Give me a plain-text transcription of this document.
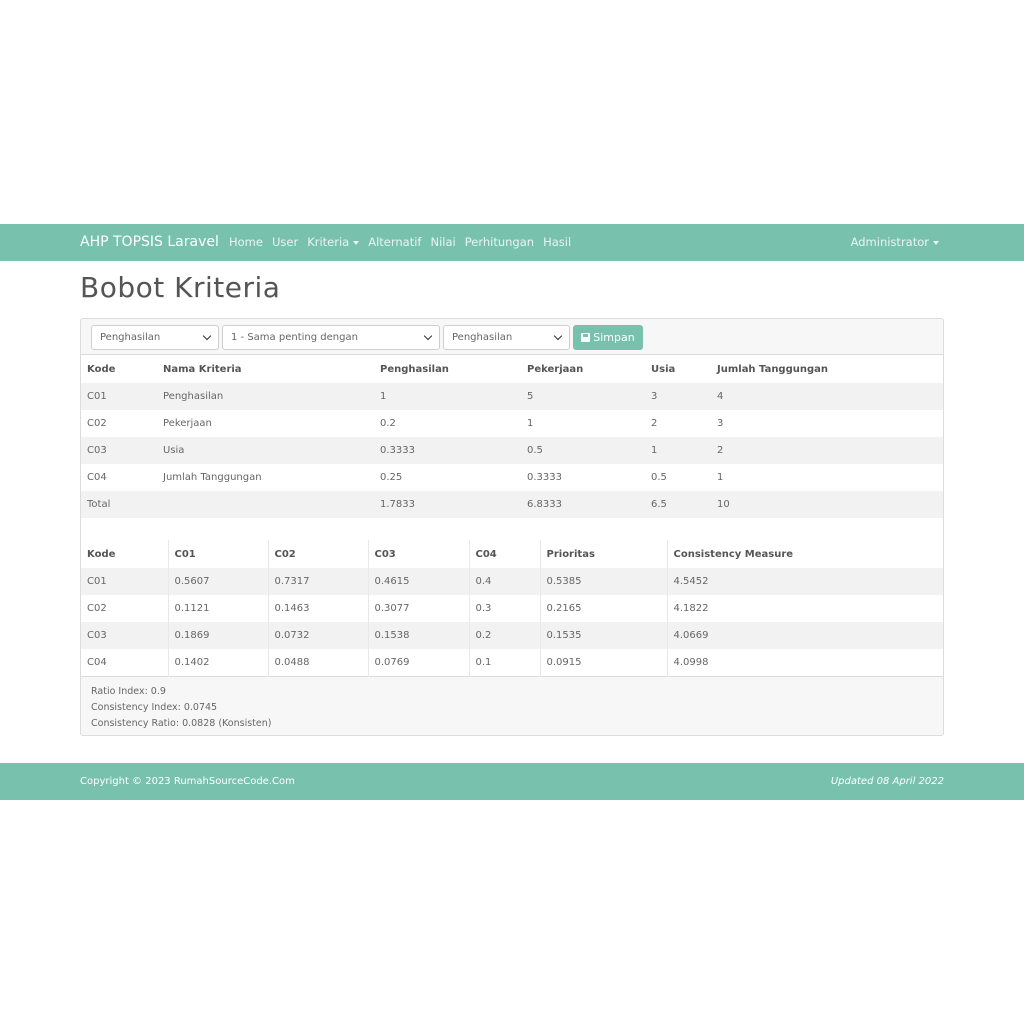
AHP TOPSIS Laravel Home User Kriteria	Alternatif Nilai Perhitungan Hasil	Administrator
Bobot Kriteria
Penghasilan	1 - Sama penting dengan	Penghasilan	Simpan
Kode	Nama Kriteria	Penghasilan	Pekerjaan	Usia	Jumlah Tanggungan
C01	Penghasilan	1	5	3	4
C02	Pekerjaan	0.2	1	2	3
C03	Usia	0.3333	0.5	1	2
C04	Jumlah Tanggungan	0.25	0.3333	0.5	1
Total		1.7833	6.8333	6.5	10
Kode	C01	C02	C03	C04	Prioritas	Consistency Measure
C01	0.5607	0.7317	0.4615	0.4	0.5385	4.5452
C02	0.1121	0.1463	0.3077	0.3	0.2165	4.1822
C03	0.1869	0.0732	0.1538	0.2	0.1535	4.0669
C04	0.1402	0.0488	0.0769	0.1	0.0915	4.0998
Ratio Index: 0.9
Consistency Index: 0.0745
Consistency Ratio: 0.0828 (Konsisten)
Copyright © 2023 RumahSourceCode.Com	Updated 08 April 2022
